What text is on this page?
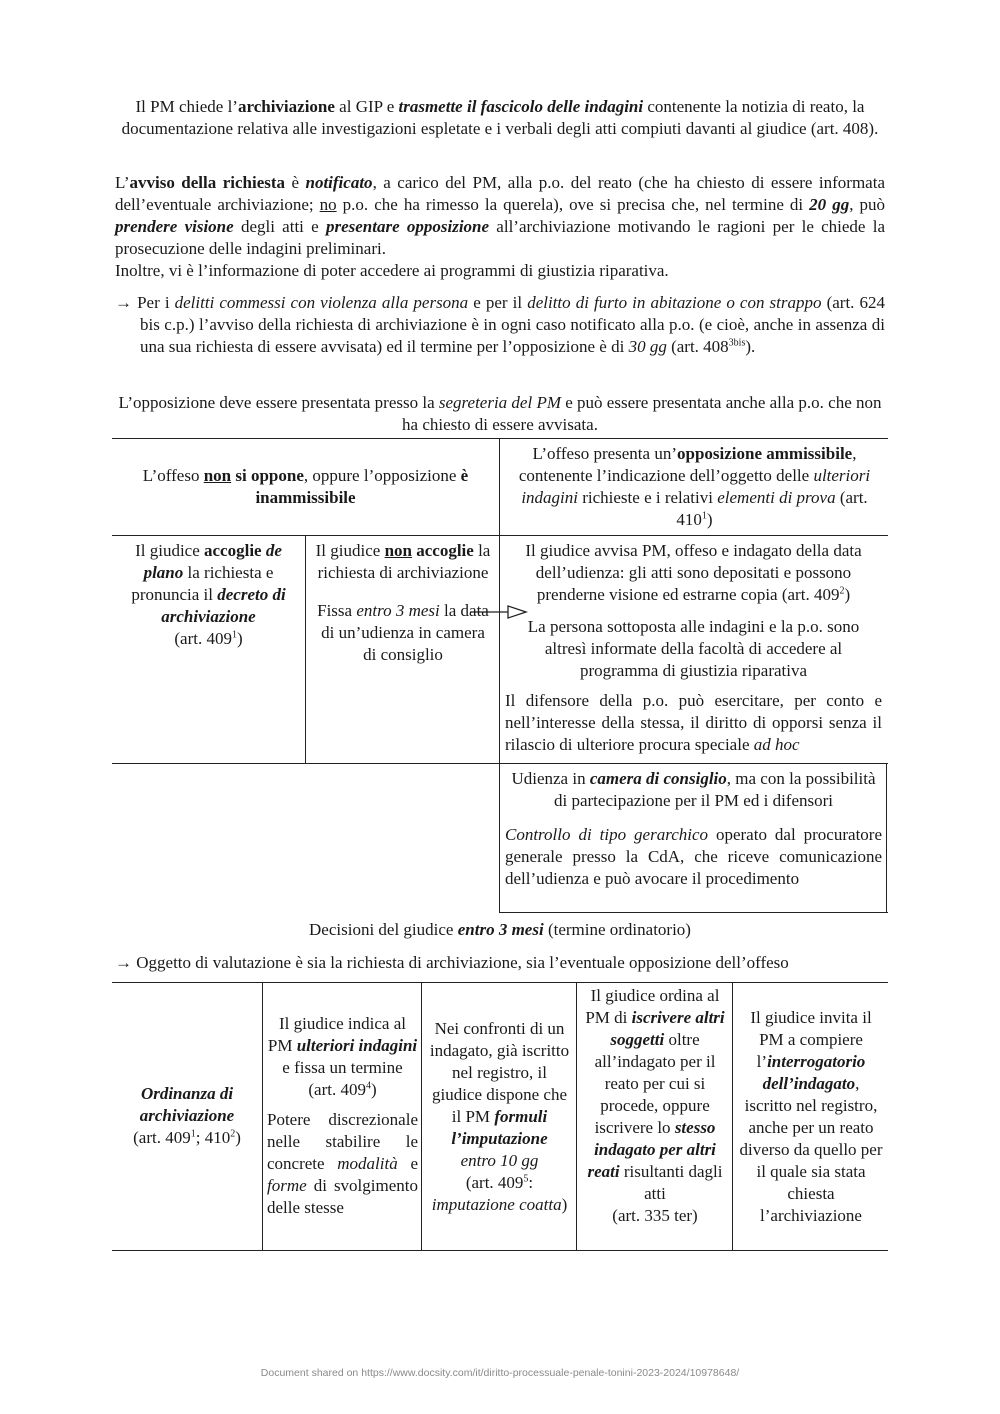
Il PM chiede l’archiviazione al GIP e trasmette il fascicolo delle indagini contenente la notizia di reato, la documentazione relativa alle investigazioni espletate e i verbali degli atti compiuti davanti al giudice (art. 408).
L’avviso della richiesta è notificato, a carico del PM, alla p.o. del reato (che ha chiesto di essere informata dell’eventuale archiviazione; no p.o. che ha rimesso la querela), ove si precisa che, nel termine di 20 gg, può prendere visione degli atti e presentare opposizione all’archiviazione motivando le ragioni per le chiede la prosecuzione delle indagini preliminari.
Inoltre, vi è l’informazione di poter accedere ai programmi di giustizia riparativa.
→ Per i delitti commessi con violenza alla persona e per il delitto di furto in abitazione o con strappo (art. 624 bis c.p.) l’avviso della richiesta di archiviazione è in ogni caso notificato alla p.o. (e cioè, anche in assenza di una sua richiesta di essere avvisata) ed il termine per l’opposizione è di 30 gg (art. $408^{3bis}$).
L’opposizione deve essere presentata presso la segreteria del PM e può essere presentata anche alla p.o. che non ha chiesto di essere avvisata.
L’offeso non si oppone, oppure l’opposizione è inammissibile
L’offeso presenta un’opposizione ammissibile, contenente l’indicazione dell’oggetto delle ulteriori indagini richieste e i relativi elementi di prova (art. $410^1$)
Il giudice accoglie de plano la richiesta e pronuncia il decreto di archiviazione
(art. $409^1$)
Il giudice non accoglie la richiesta di archiviazione
Fissa entro 3 mesi la data di un’udienza in camera di consiglio
Il giudice avvisa PM, offeso e indagato della data dell’udienza: gli atti sono depositati e possono prenderne visione ed estrarne copia (art. $409^2$)
La persona sottoposta alle indagini e la p.o. sono altresì informate della facoltà di accedere al programma di giustizia riparativa
Il difensore della p.o. può esercitare, per conto e nell’interesse della stessa, il diritto di opporsi senza il rilascio di ulteriore procura speciale ad hoc
Udienza in camera di consiglio, ma con la possibilità di partecipazione per il PM ed i difensori
Controllo di tipo gerarchico operato dal procuratore generale presso la CdA, che riceve comunicazione dell’udienza e può avocare il procedimento
Decisioni del giudice entro 3 mesi (termine ordinatorio)
→ Oggetto di valutazione è sia la richiesta di archiviazione, sia l’eventuale opposizione dell’offeso
Ordinanza di archiviazione
(art. $409^1$; $410^2$)
Il giudice indica al PM ulteriori indagini e fissa un termine (art. $409^4$)
Potere discrezionale nelle stabilire le concrete modalità e forme di svolgimento delle stesse
Nei confronti di un indagato, già iscritto nel registro, il giudice dispone che il PM formuli l’imputazione
entro 10 gg
(art. $409^5$: imputazione coatta)
Il giudice ordina al PM di iscrivere altri soggetti oltre all’indagato per il reato per cui si procede, oppure iscrivere lo stesso indagato per altri reati risultanti dagli atti
(art. 335 ter)
Il giudice invita il PM a compiere l’interrogatorio dell’indagato, iscritto nel registro, anche per un reato diverso da quello per il quale sia stata chiesta l’archiviazione
Document shared on https://www.docsity.com/it/diritto-processuale-penale-tonini-2023-2024/10978648/
